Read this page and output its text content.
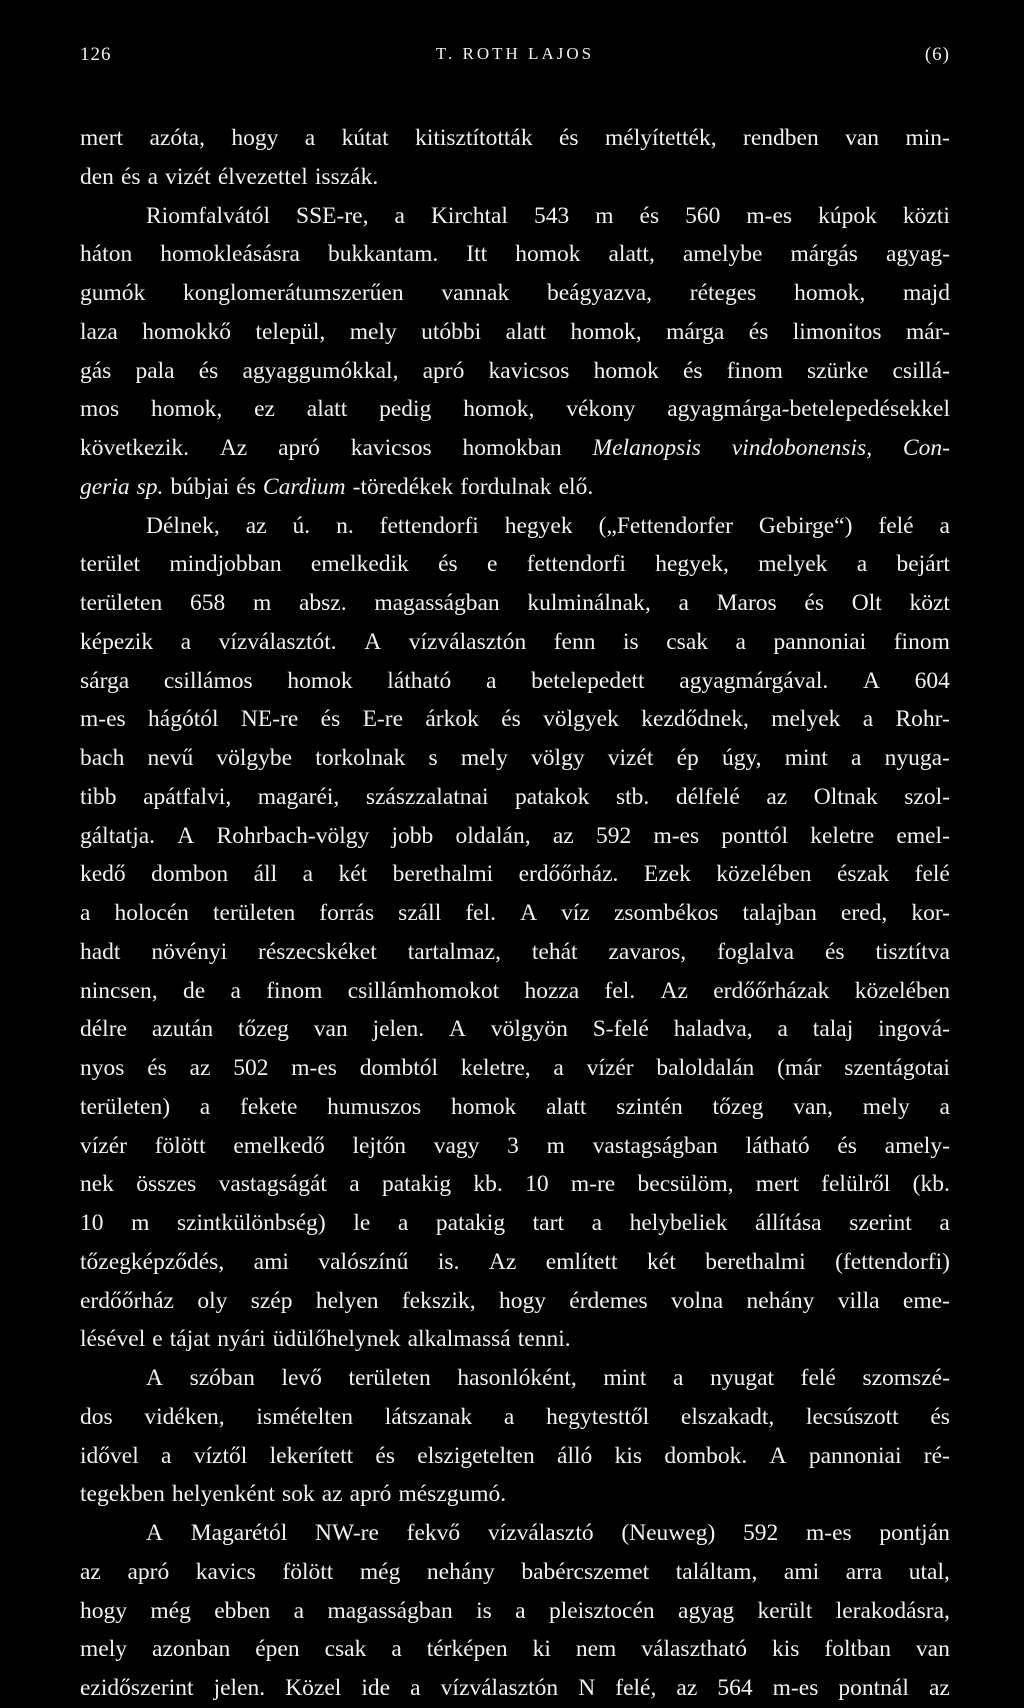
126	T. ROTH LAJOS	(6)
mert azóta, hogy a kútat kitisztították és mélyítették, rendben van min-
den és a vizét élvezettel isszák.
Riomfalvától SSE-re, a Kirchtal 543 m és 560 m-es kúpok közti
háton homokleásásra bukkantam. Itt homok alatt, amelybe márgás agyag-
gumók konglomerátumszerűen vannak beágyazva, réteges homok, majd
laza homokkő települ, mely utóbbi alatt homok, márga és limonitos már-
gás pala és agyaggumókkal, apró kavicsos homok és finom szürke csillá-
mos homok, ez alatt pedig homok, vékony agyagmárga-betelepedésekkel
következik. Az apró kavicsos homokban Melanopsis vindobonensis, Con-
geria sp. búbjai és Cardium -töredékek fordulnak elő.
Délnek, az ú. n. fettendorfi hegyek („Fettendorfer Gebirge“) felé a
terület mindjobban emelkedik és e fettendorfi hegyek, melyek a bejárt
területen 658 m absz. magasságban kulminálnak, a Maros és Olt közt
képezik a vízválasztót. A vízválasztón fenn is csak a pannoniai finom
sárga csillámos homok látható a betelepedett agyagmárgával. A 604
m-es hágótól NE-re és E-re árkok és völgyek kezdődnek, melyek a Rohr-
bach nevű völgybe torkolnak s mely völgy vizét ép úgy, mint a nyuga-
tibb apátfalvi, magaréi, szászzalatnai patakok stb. délfelé az Oltnak szol-
gáltatja. A Rohrbach-völgy jobb oldalán, az 592 m-es ponttól keletre emel-
kedő dombon áll a két berethalmi erdőőrház. Ezek közelében észak felé
a holocén területen forrás száll fel. A víz zsombékos talajban ered, kor-
hadt növényi részecskéket tartalmaz, tehát zavaros, foglalva és tisztítva
nincsen, de a finom csillámhomokot hozza fel. Az erdőőrházak közelében
délre azután tőzeg van jelen. A völgyön S-felé haladva, a talaj ingová-
nyos és az 502 m-es dombtól keletre, a vízér baloldalán (már szentágotai
területen) a fekete humuszos homok alatt szintén tőzeg van, mely a
vízér fölött emelkedő lejtőn vagy 3 m vastagságban látható és amely-
nek összes vastagságát a patakig kb. 10 m-re becsülöm, mert felülről (kb.
10 m szintkülönbség) le a patakig tart a helybeliek állítása szerint a
tőzegképződés, ami valószínű is. Az említett két berethalmi (fettendorfi)
erdőőrház oly szép helyen fekszik, hogy érdemes volna nehány villa eme-
lésével e tájat nyári üdülőhelynek alkalmassá tenni.
A szóban levő területen hasonlóként, mint a nyugat felé szomszé-
dos vidéken, ismételten látszanak a hegytesttől elszakadt, lecsúszott és
idővel a víztől lekerített és elszigetelten álló kis dombok. A pannoniai ré-
tegekben helyenként sok az apró mészgumó.
A Magarétól NW-re fekvő vízválasztó (Neuweg) 592 m-es pontján
az apró kavics fölött még nehány babércszemet találtam, ami arra utal,
hogy még ebben a magasságban is a pleisztocén agyag került lerakodásra,
mely azonban épen csak a térképen ki nem választható kis foltban van
ezidőszerint jelen. Közel ide a vízválasztón N felé, az 564 m-es pontnál az
